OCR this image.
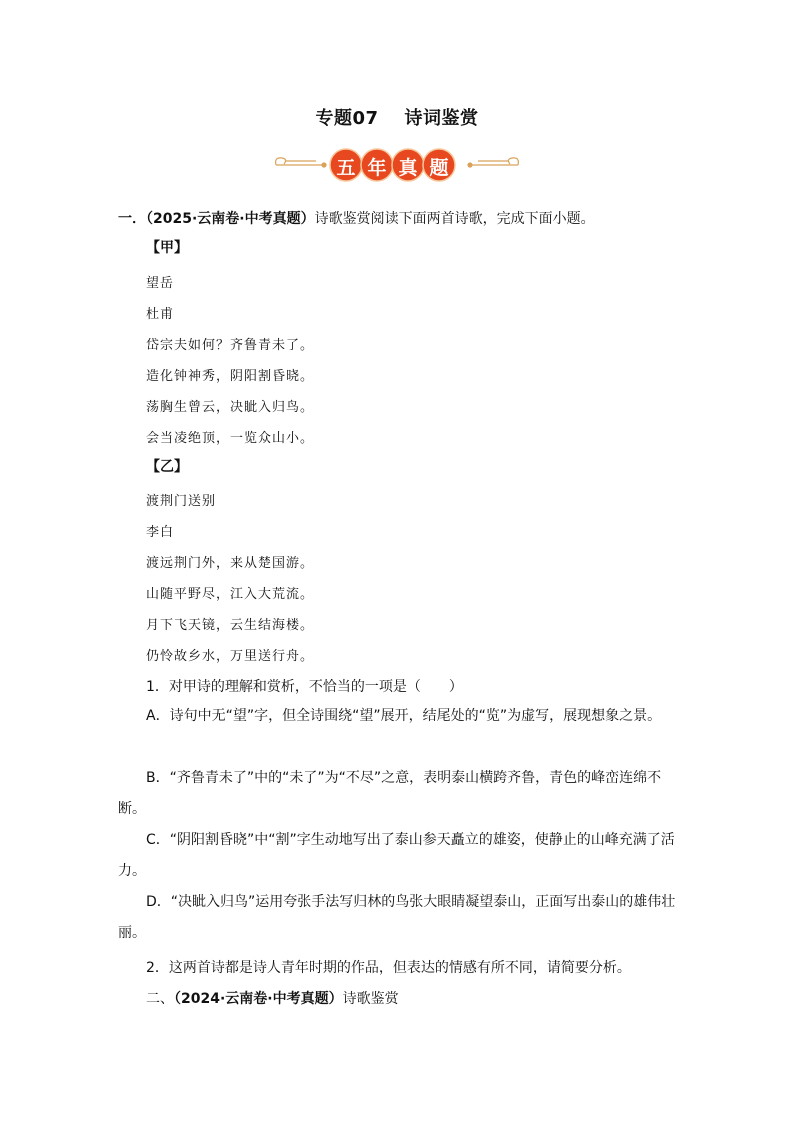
专题07 诗词鉴赏
五 年 真 题
一．（2025·云南卷·中考真题）诗歌鉴赏阅读下面两首诗歌，完成下面小题。
【甲】
望岳
杜甫
岱宗夫如何？齐鲁青未了。
造化钟神秀，阴阳割昏晓。
荡胸生曾云，决眦入归鸟。
会当凌绝顶，一览众山小。
【乙】
渡荆门送别
李白
渡远荆门外，来从楚国游。
山随平野尽，江入大荒流。
月下飞天镜，云生结海楼。
仍怜故乡水，万里送行舟。
1．对甲诗的理解和赏析，不恰当的一项是（　　）
A．诗句中无“望”字，但全诗围绕“望”展开，结尾处的“览”为虚写，展现想象之景。
B．“齐鲁青未了”中的“未了”为“不尽”之意，表明泰山横跨齐鲁，青色的峰峦连绵不断。
C．“阴阳割昏晓”中“割”字生动地写出了泰山参天矗立的雄姿，使静止的山峰充满了活力。
D．“决眦入归鸟”运用夸张手法写归林的鸟张大眼睛凝望泰山，正面写出泰山的雄伟壮丽。
2．这两首诗都是诗人青年时期的作品，但表达的情感有所不同，请简要分析。
二、（2024·云南卷·中考真题）诗歌鉴赏
